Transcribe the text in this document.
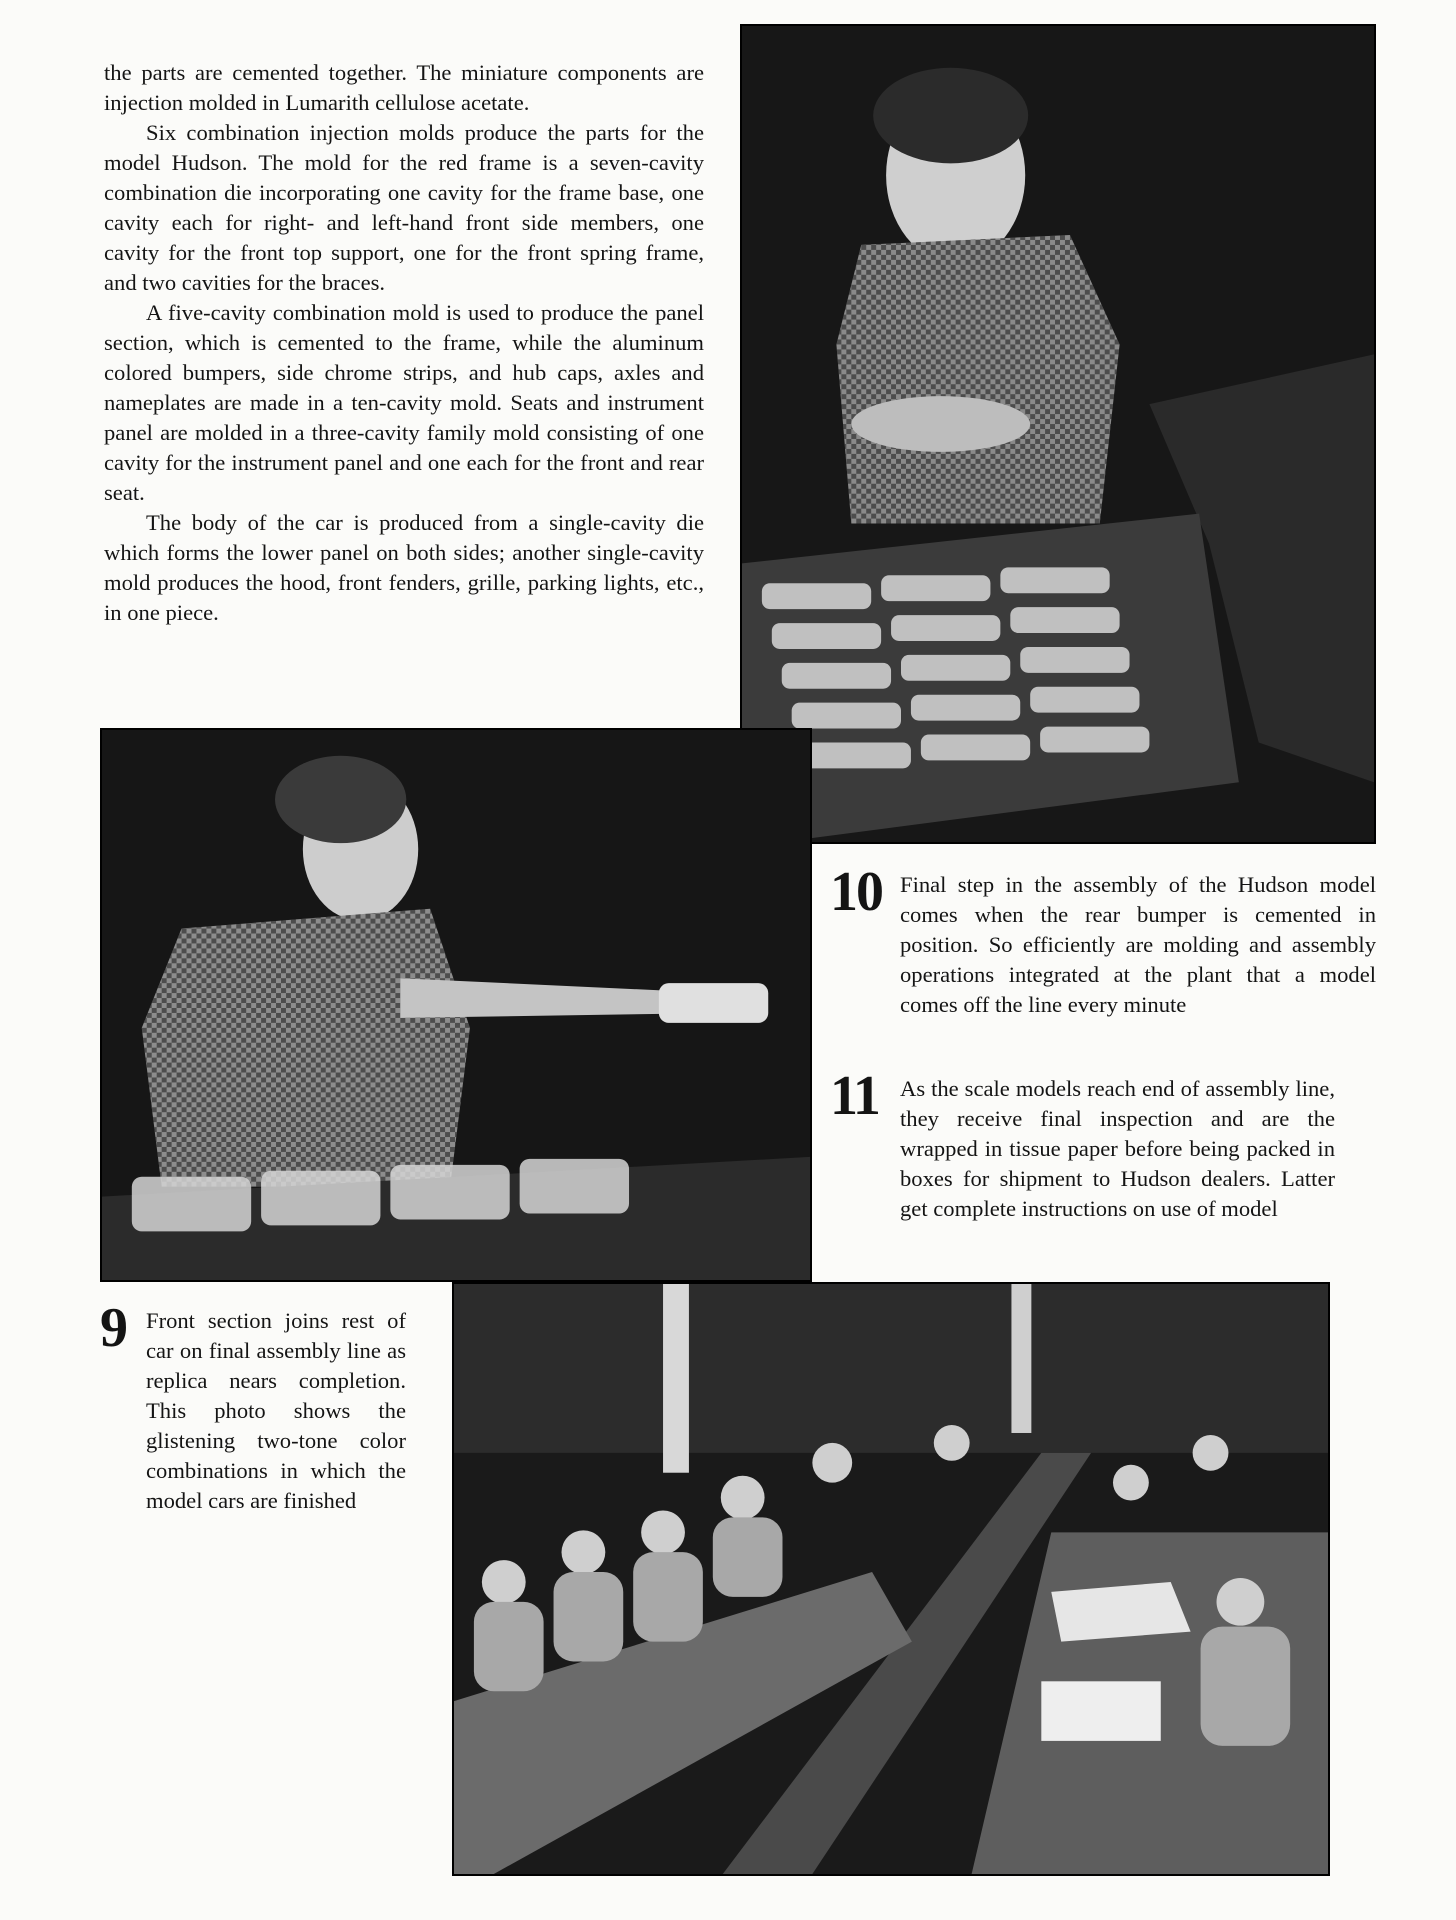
the parts are cemented together. The miniature components are injection molded in Lumarith cellulose acetate.

Six combination injection molds produce the parts for the model Hudson. The mold for the red frame is a seven-cavity combination die incorporating one cavity for the frame base, one cavity each for right- and left-hand front side members, one cavity for the front top support, one for the front spring frame, and two cavities for the braces.

A five-cavity combination mold is used to produce the panel section, which is cemented to the frame, while the aluminum colored bumpers, side chrome strips, and hub caps, axles and nameplates are made in a ten-cavity mold. Seats and instrument panel are molded in a three-cavity family mold consisting of one cavity for the instrument panel and one each for the front and rear seat.

The body of the car is produced from a single-cavity die which forms the lower panel on both sides; another single-cavity mold produces the hood, front fenders, grille, parking lights, etc., in one piece.

10 Final step in the assembly of the Hudson model comes when the rear bumper is cemented in position. So efficiently are molding and assembly operations integrated at the plant that a model comes off the line every minute
11 As the scale models reach end of assembly line, they receive final inspection and are the wrapped in tissue paper before being packed in boxes for shipment to Hudson dealers. Latter get complete instructions on use of model
9 Front section joins rest of car on final assembly line as replica nears completion. This photo shows the glistening two-tone color combinations in which the model cars are finished
